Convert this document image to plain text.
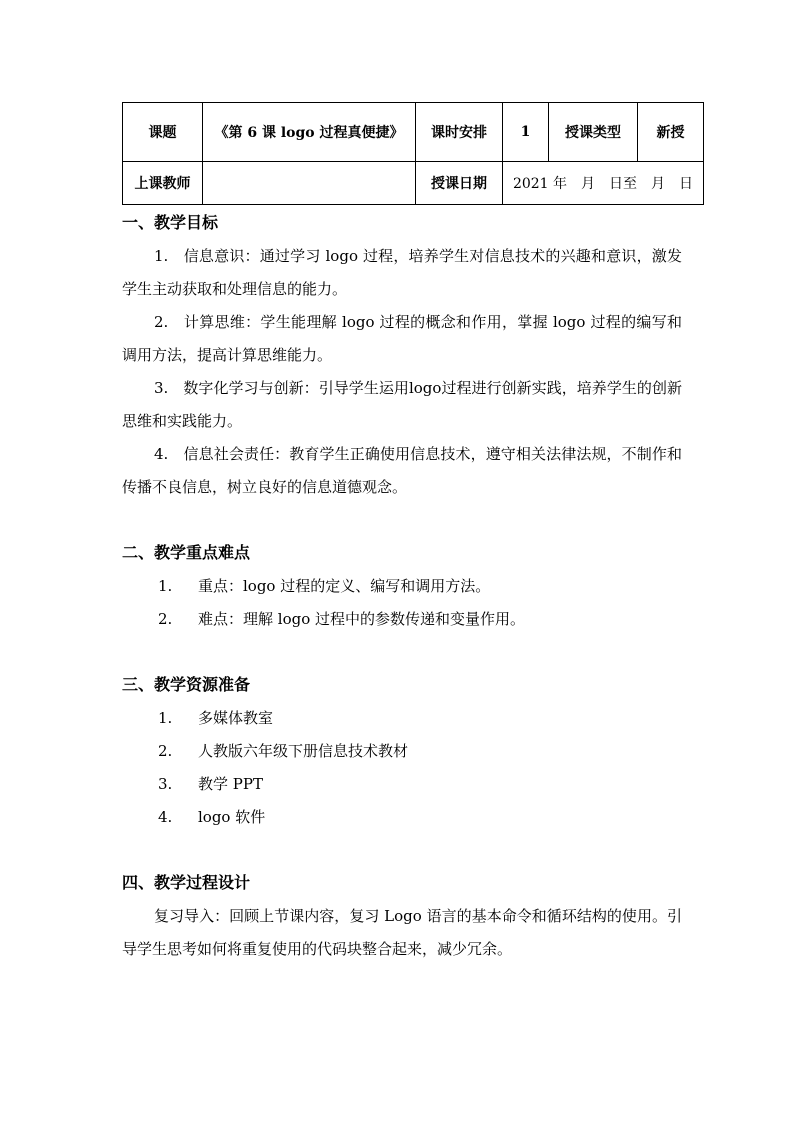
课题	《第 6 课 logo 过程真便捷》	课时安排	1	授课类型	新授
上课教师		授课日期	2021 年　月　日至　月　日		
一、教学目标

1.　信息意识：通过学习 logo 过程，培养学生对信息技术的兴趣和意识，激发学生主动获取和处理信息的能力。

2.　计算思维：学生能理解 logo 过程的概念和作用，掌握 logo 过程的编写和调用方法，提高计算思维能力。

3.　数字化学习与创新：引导学生运用logo过程进行创新实践，培养学生的创新思维和实践能力。

4.　信息社会责任：教育学生正确使用信息技术，遵守相关法律法规，不制作和传播不良信息，树立良好的信息道德观念。

二、教学重点难点

1. 重点：logo 过程的定义、编写和调用方法。

2. 难点：理解 logo 过程中的参数传递和变量作用。

三、教学资源准备

1. 多媒体教室

2. 人教版六年级下册信息技术教材

3. 教学 PPT

4. logo 软件

四、教学过程设计

复习导入：回顾上节课内容，复习 Logo 语言的基本命令和循环结构的使用。引导学生思考如何将重复使用的代码块整合起来，减少冗余。
